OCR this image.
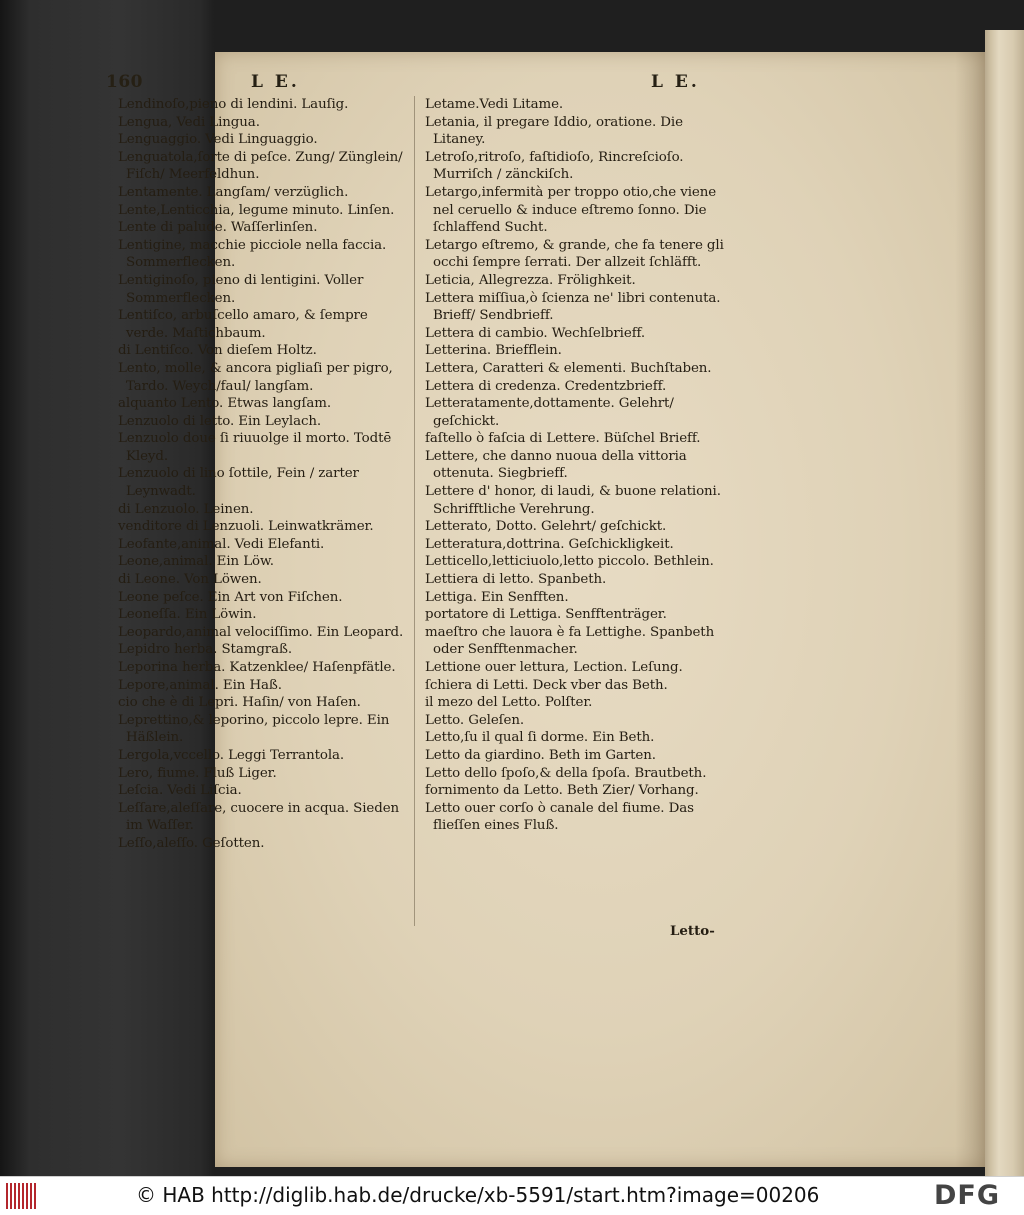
160	L E.	L E.
Lendinoſo,pieno di lendini. Lauſig.
Lengua, Vedi Lingua.
Lenguaggio. Vedi Linguaggio.
Lenguatola,ſorte di peſce. Zung/ Zünglein/ Fiſch/ Meerfeldhun.
Lentamente. Langſam/ verzüglich.
Lente,Lenticchia, legume minuto. Linſen.
Lente di palude. Waſſerlinſen.
Lentigine, macchie picciole nella faccia. Sommerflecken.
Lentiginoſo, pieno di lentigini. Voller Sommerflecken.
Lentiſco, arbuſcello amaro, & ſempre verde. Maſtichbaum.
di Lentiſco. Von dieſem Holtz.
Lento, molle, & ancora pigliaſi per pigro, Tardo. Weych/faul/ langſam.
alquanto Lento. Etwas langſam.
Lenzuolo di letto. Ein Leylach.
Lenzuolo doue ſi riuuolge il morto. Todtē Kleyd.
Lenzuolo di lino ſottile, Fein / zarter Leynwadt.
di Lenzuolo. Leinen.
venditore di Lenzuoli. Leinwatkrämer.
Leofante,animal. Vedi Elefanti.
Leone,animal. Ein Löw.
di Leone. Von Löwen.
Leone peſce. Ein Art von Fiſchen.
Leoneſſa. Ein Löwin.
Leopardo,animal velociſſimo. Ein Leopard.
Lepidro herba. Stamgraß.
Leporina herba. Katzenklee/ Haſenpfätle.
Lepore,animal. Ein Haß.
cio che è di Lepri. Haſin/ von Haſen.
Leprettino,& leporino, piccolo lepre. Ein Häßlein.
Lergola,vccello. Leggi Terrantola.
Lero, fiume. Fluß Liger.
Leſcia. Vedi Liſcia.
Leſſare,aleſſare, cuocere in acqua. Sieden im Waſſer.
Leſſo,aleſſo. Geſotten.
Letame.Vedi Litame.
Letania, il pregare Iddio, oratione. Die Litaney.
Letroſo,ritroſo, faſtidioſo, Rincreſcioſo. Murriſch / zänckiſch.
Letargo,infermità per troppo otio,che viene nel ceruello & induce eſtremo ſonno. Die ſchlaffend Sucht.
Letargo eſtremo, & grande, che fa tenere gli occhi ſempre ſerrati. Der allzeit ſchläfft.
Leticia, Allegrezza. Frölighkeit.
Lettera miſſiua,ò ſcienza ne' libri contenuta. Brieff/ Sendbrieff.
Lettera di cambio. Wechſelbrieff.
Letterina. Briefflein.
Lettera, Caratteri & elementi. Buchſtaben.
Lettera di credenza. Credentzbrieff.
Letteratamente,dottamente. Gelehrt/ geſchickt.
faſtello ò faſcia di Lettere. Büſchel Brieff.
Lettere, che danno nuoua della vittoria ottenuta. Siegbrieff.
Lettere d' honor, di laudi, & buone relationi. Schrifftliche Verehrung.
Letterato, Dotto. Gelehrt/ geſchickt.
Letteratura,dottrina. Geſchickligkeit.
Letticello,letticiuolo,letto piccolo. Bethlein.
Lettiera di letto. Spanbeth.
Lettiga. Ein Senfften.
portatore di Lettiga. Senfftenträger.
maeſtro che lauora è fa Lettighe. Spanbeth oder Senfftenmacher.
Lettione ouer lettura, Lection. Leſung.
ſchiera di Letti. Deck vber das Beth.
il mezo del Letto. Polſter.
Letto. Geleſen.
Letto,ſu il qual ſi dorme. Ein Beth.
Letto da giardino. Beth im Garten.
Letto dello ſpoſo,& della ſpoſa. Brautbeth.
fornimento da Letto. Beth Zier/ Vorhang.
Letto ouer corſo ò canale del fiume. Das flieſſen eines Fluß.
Letto-
© HAB http://diglib.hab.de/drucke/xb-5591/start.htm?image=00206	DFG
